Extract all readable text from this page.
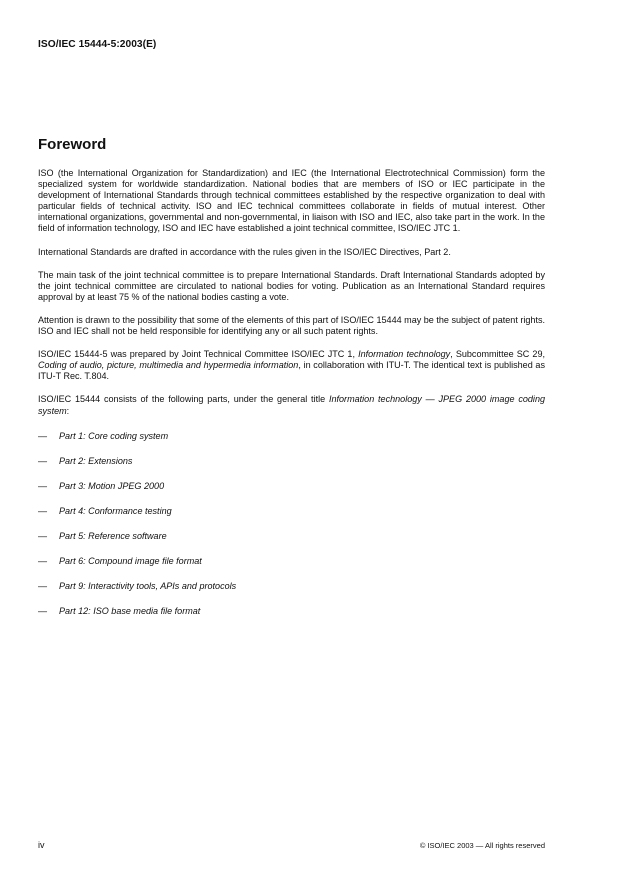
ISO/IEC 15444-5:2003(E)
Foreword

ISO (the International Organization for Standardization) and IEC (the International Electrotechnical Commission) form the specialized system for worldwide standardization. National bodies that are members of ISO or IEC participate in the development of International Standards through technical committees established by the respective organization to deal with particular fields of technical activity. ISO and IEC technical committees collaborate in fields of mutual interest. Other international organizations, governmental and non-governmental, in liaison with ISO and IEC, also take part in the work. In the field of information technology, ISO and IEC have established a joint technical committee, ISO/IEC JTC 1.

International Standards are drafted in accordance with the rules given in the ISO/IEC Directives, Part 2.

The main task of the joint technical committee is to prepare International Standards. Draft International Standards adopted by the joint technical committee are circulated to national bodies for voting. Publication as an International Standard requires approval by at least 75 % of the national bodies casting a vote.

Attention is drawn to the possibility that some of the elements of this part of ISO/IEC 15444 may be the subject of patent rights. ISO and IEC shall not be held responsible for identifying any or all such patent rights.

ISO/IEC 15444-5 was prepared by Joint Technical Committee ISO/IEC JTC 1, Information technology, Subcommittee SC 29, Coding of audio, picture, multimedia and hypermedia information, in collaboration with ITU-T. The identical text is published as ITU-T Rec. T.804.

ISO/IEC 15444 consists of the following parts, under the general title Information technology — JPEG 2000 image coding system:

—	Part 1: Core coding system
—	Part 2: Extensions
—	Part 3: Motion JPEG 2000
—	Part 4: Conformance testing
—	Part 5: Reference software
—	Part 6: Compound image file format
—	Part 9: Interactivity tools, APIs and protocols
—	Part 12: ISO base media file format
iv	© ISO/IEC 2003 — All rights reserved
